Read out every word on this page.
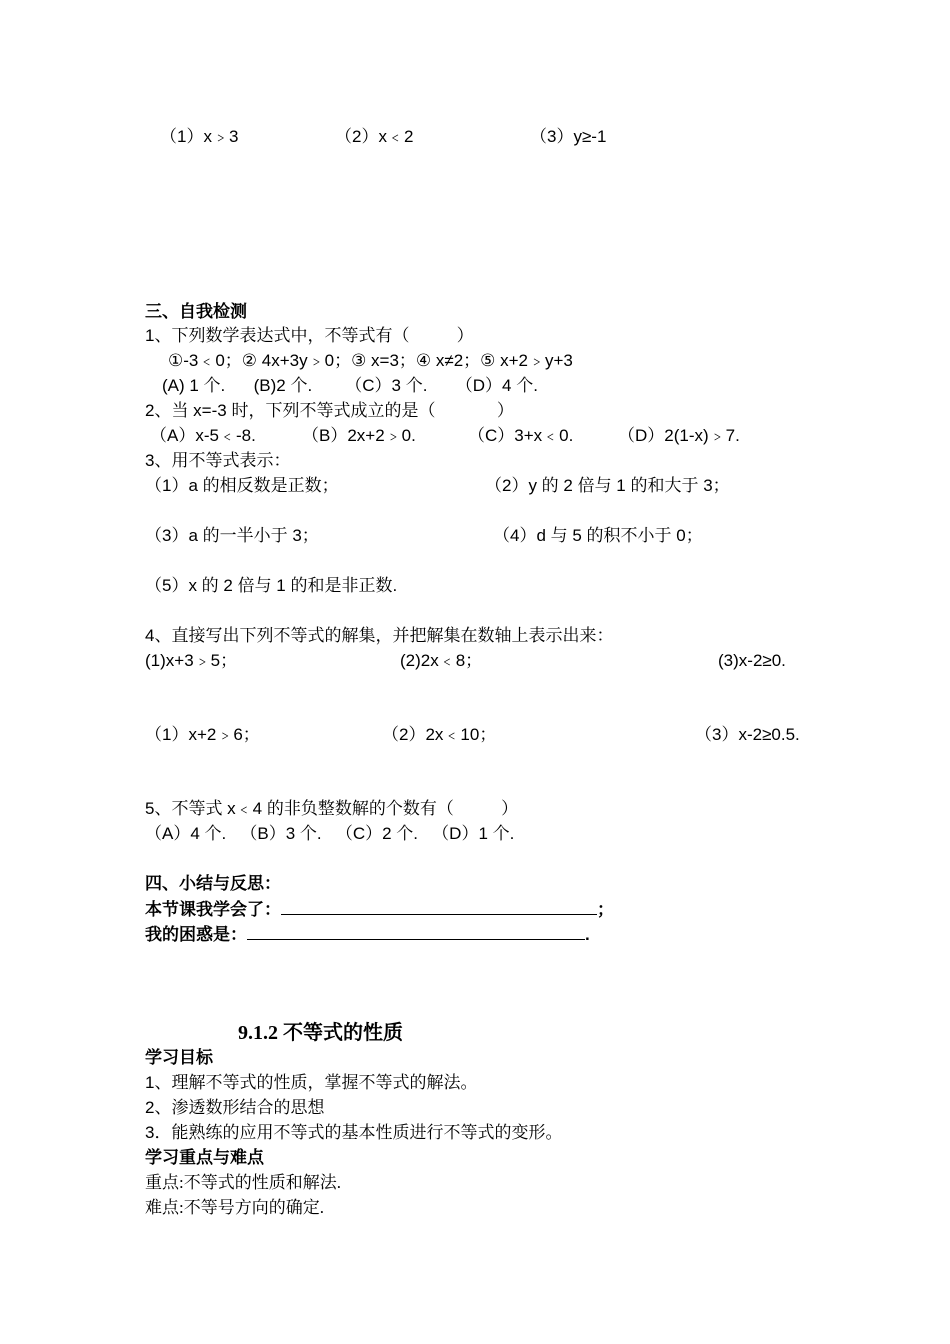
（1）x﹥3	（2）x﹤2	（3）y≥-1
三、自我检测
1、下列数学表达式中，不等式有（          ）
①-3﹤0；② 4x+3y﹥0；③ x=3；④ x≠2；⑤ x+2﹥y+3
(A) 1 个.      (B)2 个.       （C）3 个.      （D）4 个.
2、当 x=-3 时，下列不等式成立的是（             ）
（A）x-5﹤-8.	（B）2x+2﹥0.	（C）3+x﹤0.	（D）2(1-x)﹥7.
3、用不等式表示：
（1）a 的相反数是正数；	（2）y 的 2 倍与 1 的和大于 3；
（3）a 的一半小于 3；	（4）d 与 5 的积不小于 0；
（5）x 的 2 倍与 1 的和是非正数.
4、直接写出下列不等式的解集，并把解集在数轴上表示出来：
(1)x+3﹥5；	(2)2x﹤8；	(3)x-2≥0.
（1）x+2﹥6；	（2）2x﹤10；	（3）x-2≥0.5.
5、不等式 x﹤4 的非负整数解的个数有（          ）
（A）4 个.   （B）3 个.   （C）2 个.   （D）1 个.
四、小结与反思：
本节课我学会了：	；
我的困惑是：	.
9.1.2 不等式的性质
学习目标
1、理解不等式的性质，掌握不等式的解法。
2、渗透数形结合的思想
3．能熟练的应用不等式的基本性质进行不等式的变形。
学习重点与难点
重点:不等式的性质和解法.
难点:不等号方向的确定.
